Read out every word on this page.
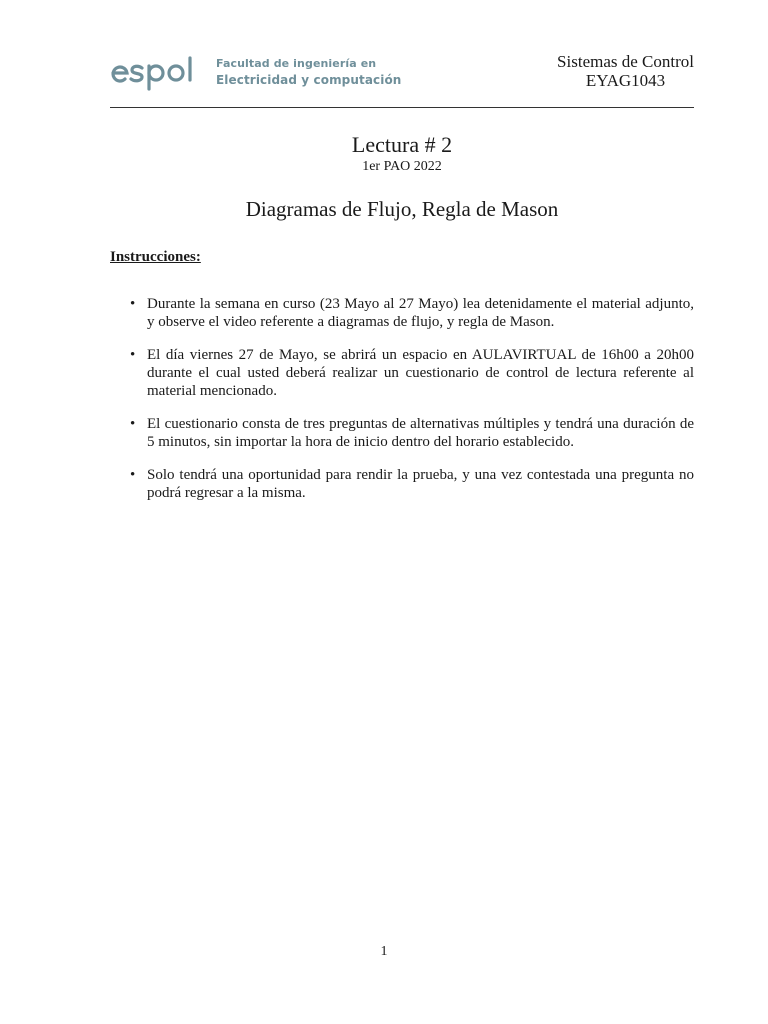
Facultad de ingeniería en
Electricidad y computación
Sistemas de Control
EYAG1043
Lectura # 2
1er PAO 2022
Diagramas de Flujo, Regla de Mason
Instrucciones:
• Durante la semana en curso (23 Mayo al 27 Mayo) lea detenidamente el material adjunto, y observe el video referente a diagramas de flujo, y regla de Mason.
• El día viernes 27 de Mayo, se abrirá un espacio en AULAVIRTUAL de 16h00 a 20h00 durante el cual usted deberá realizar un cuestionario de control de lectura referente al material mencionado.
• El cuestionario consta de tres preguntas de alternativas múltiples y tendrá una duración de 5 minutos, sin importar la hora de inicio dentro del horario establecido.
• Solo tendrá una oportunidad para rendir la prueba, y una vez contestada una pregunta no podrá regresar a la misma.
1
